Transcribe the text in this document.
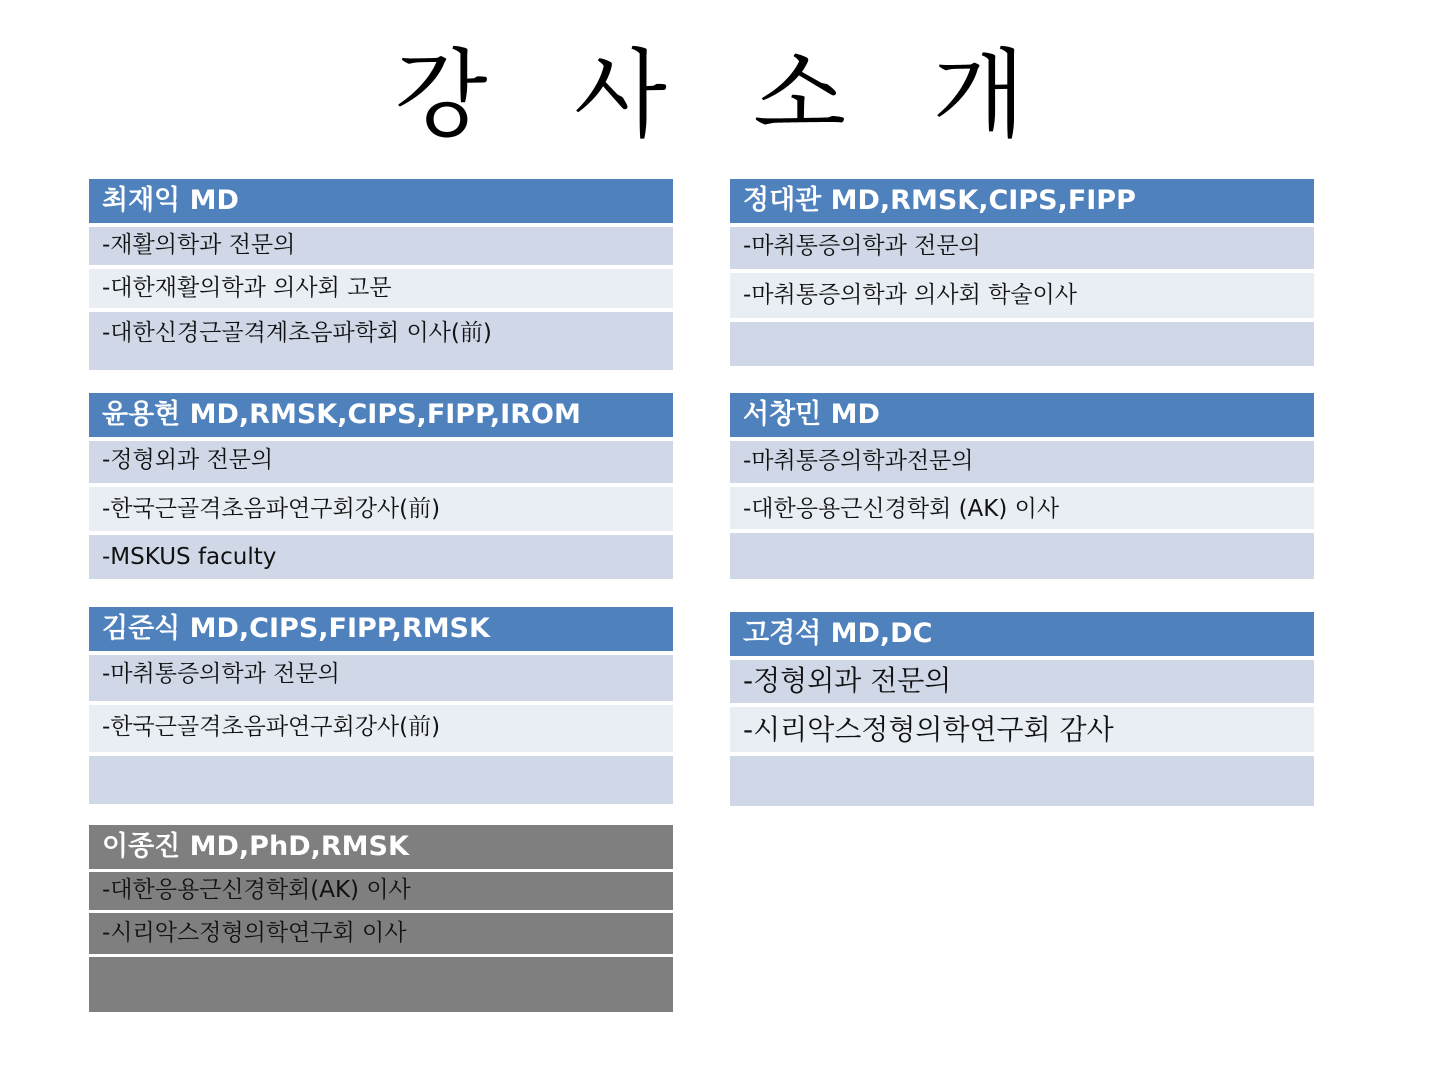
강 사 소 개
최재익 MD
-재활의학과 전문의
-대한재활의학과 의사회 고문
-대한신경근골격계초음파학회 이사(前)
정대관 MD,RMSK,CIPS,FIPP
-마취통증의학과 전문의
-마취통증의학과 의사회 학술이사
윤용현 MD,RMSK,CIPS,FIPP,IROM
-정형외과 전문의
-한국근골격초음파연구회강사(前)
-MSKUS faculty
서창민 MD
-마취통증의학과전문의
-대한응용근신경학회 (AK) 이사
김준식 MD,CIPS,FIPP,RMSK
-마취통증의학과 전문의
-한국근골격초음파연구회강사(前)
고경석 MD,DC
-정형외과 전문의
-시리악스정형의학연구회 감사
이종진 MD,PhD,RMSK
-대한응용근신경학회(AK) 이사
-시리악스정형의학연구회 이사
